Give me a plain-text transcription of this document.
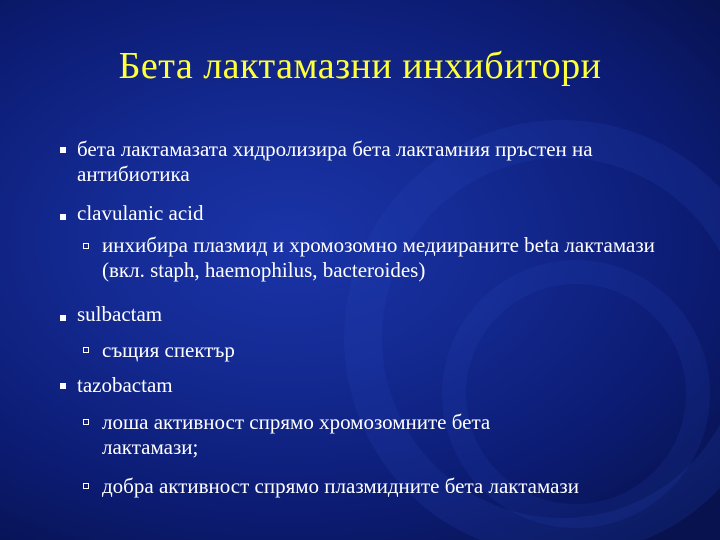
Бета лактамазни инхибитори
бета лактамазата хидролизира бета лактамния пръстен на антибиотика
clavulanic acid
инхибира плазмид и хромозомно медиираните beta лактамази (вкл. staph, haemophilus, bacteroides)
sulbactam
същия спектър
tazobactam
лоша активност спрямо хромозомните бета лактамази;
добра активност спрямо плазмидните бета лактамази
